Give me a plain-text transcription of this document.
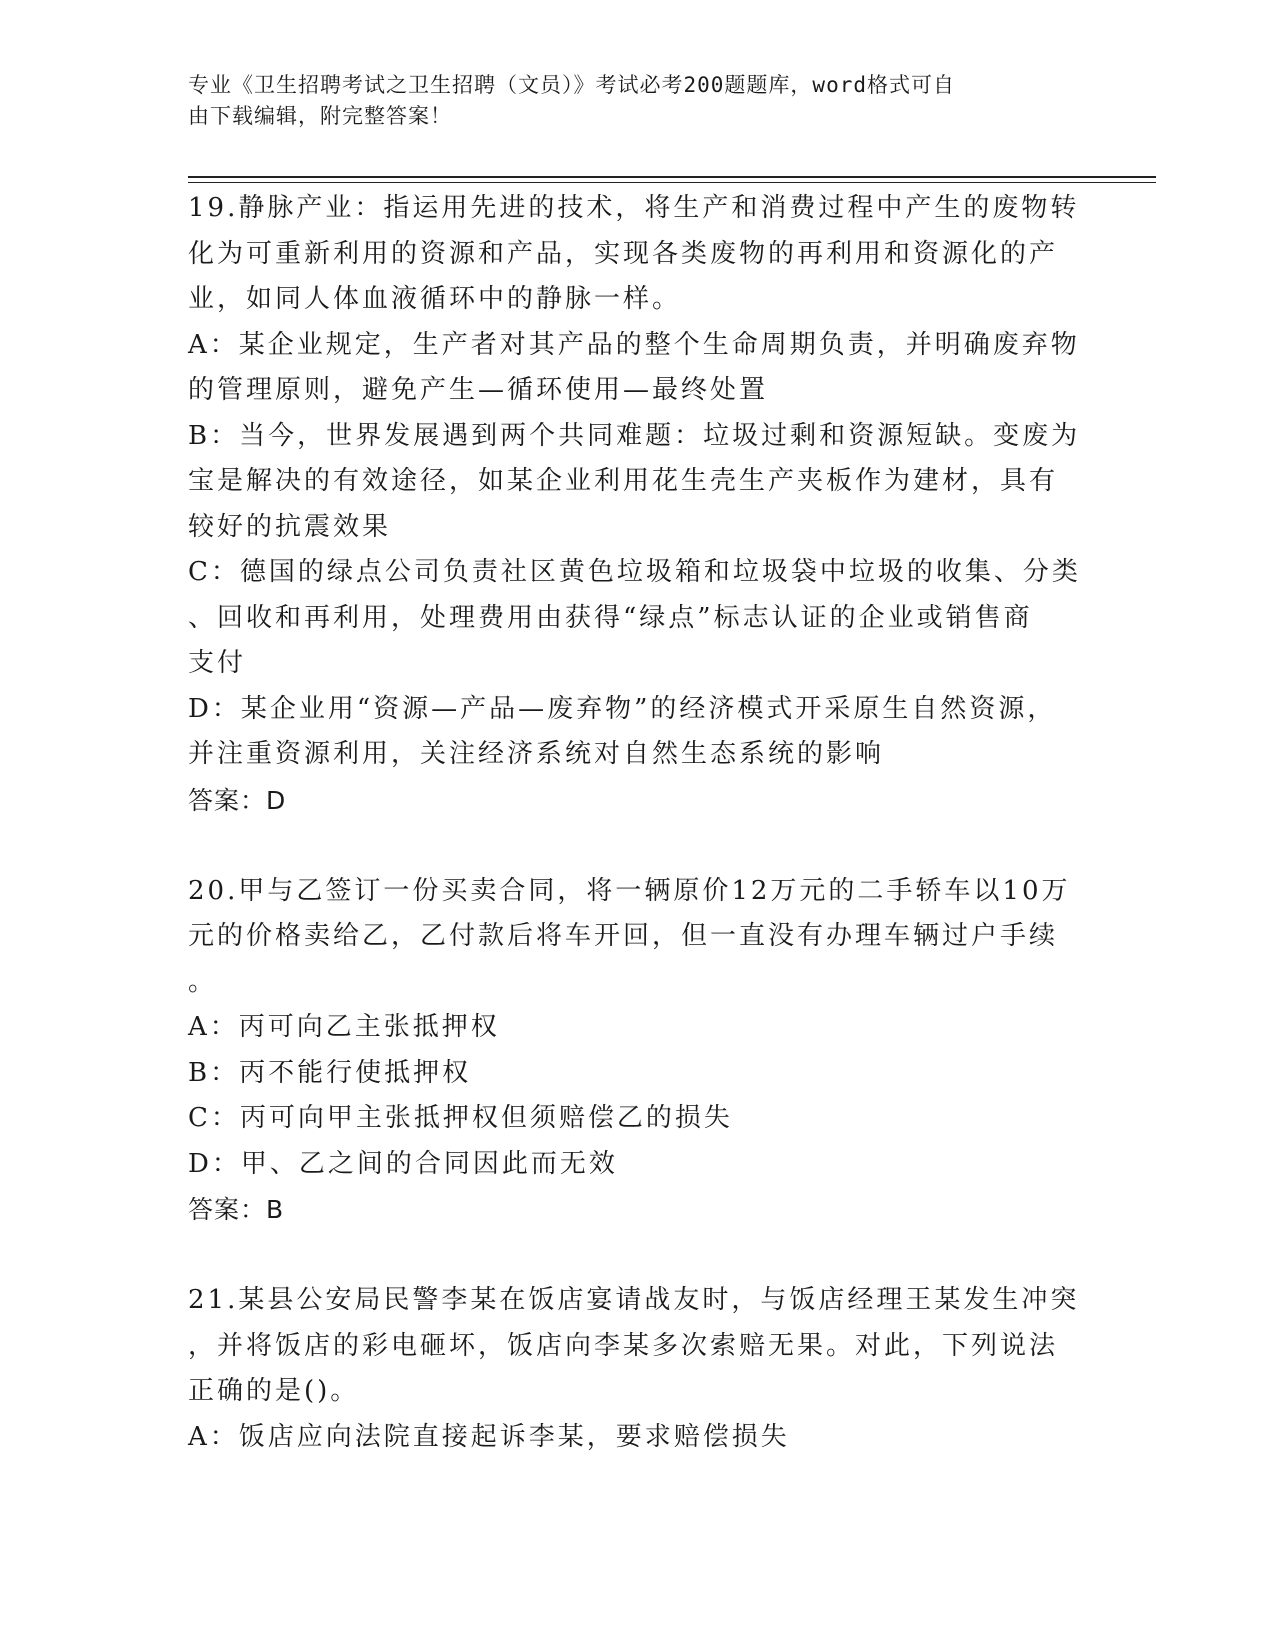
专业《卫生招聘考试之卫生招聘（文员）》考试必考200题题库，word格式可自
由下载编辑，附完整答案！
19.静脉产业：指运用先进的技术，将生产和消费过程中产生的废物转
化为可重新利用的资源和产品，实现各类废物的再利用和资源化的产
业，如同人体血液循环中的静脉一样。
A：某企业规定，生产者对其产品的整个生命周期负责，并明确废弃物
的管理原则，避免产生—循环使用—最终处置
B：当今，世界发展遇到两个共同难题：垃圾过剩和资源短缺。变废为
宝是解决的有效途径，如某企业利用花生壳生产夹板作为建材，具有
较好的抗震效果
C：德国的绿点公司负责社区黄色垃圾箱和垃圾袋中垃圾的收集、分类
、回收和再利用，处理费用由获得“绿点”标志认证的企业或销售商
支付
D：某企业用“资源—产品—废弃物”的经济模式开采原生自然资源，
并注重资源利用，关注经济系统对自然生态系统的影响
答案：D
20.甲与乙签订一份买卖合同，将一辆原价12万元的二手轿车以10万
元的价格卖给乙，乙付款后将车开回，但一直没有办理车辆过户手续
。
A：丙可向乙主张抵押权
B：丙不能行使抵押权
C：丙可向甲主张抵押权但须赔偿乙的损失
D：甲、乙之间的合同因此而无效
答案：B
21.某县公安局民警李某在饭店宴请战友时，与饭店经理王某发生冲突
，并将饭店的彩电砸坏，饭店向李某多次索赔无果。对此，下列说法
正确的是()。
A：饭店应向法院直接起诉李某，要求赔偿损失
